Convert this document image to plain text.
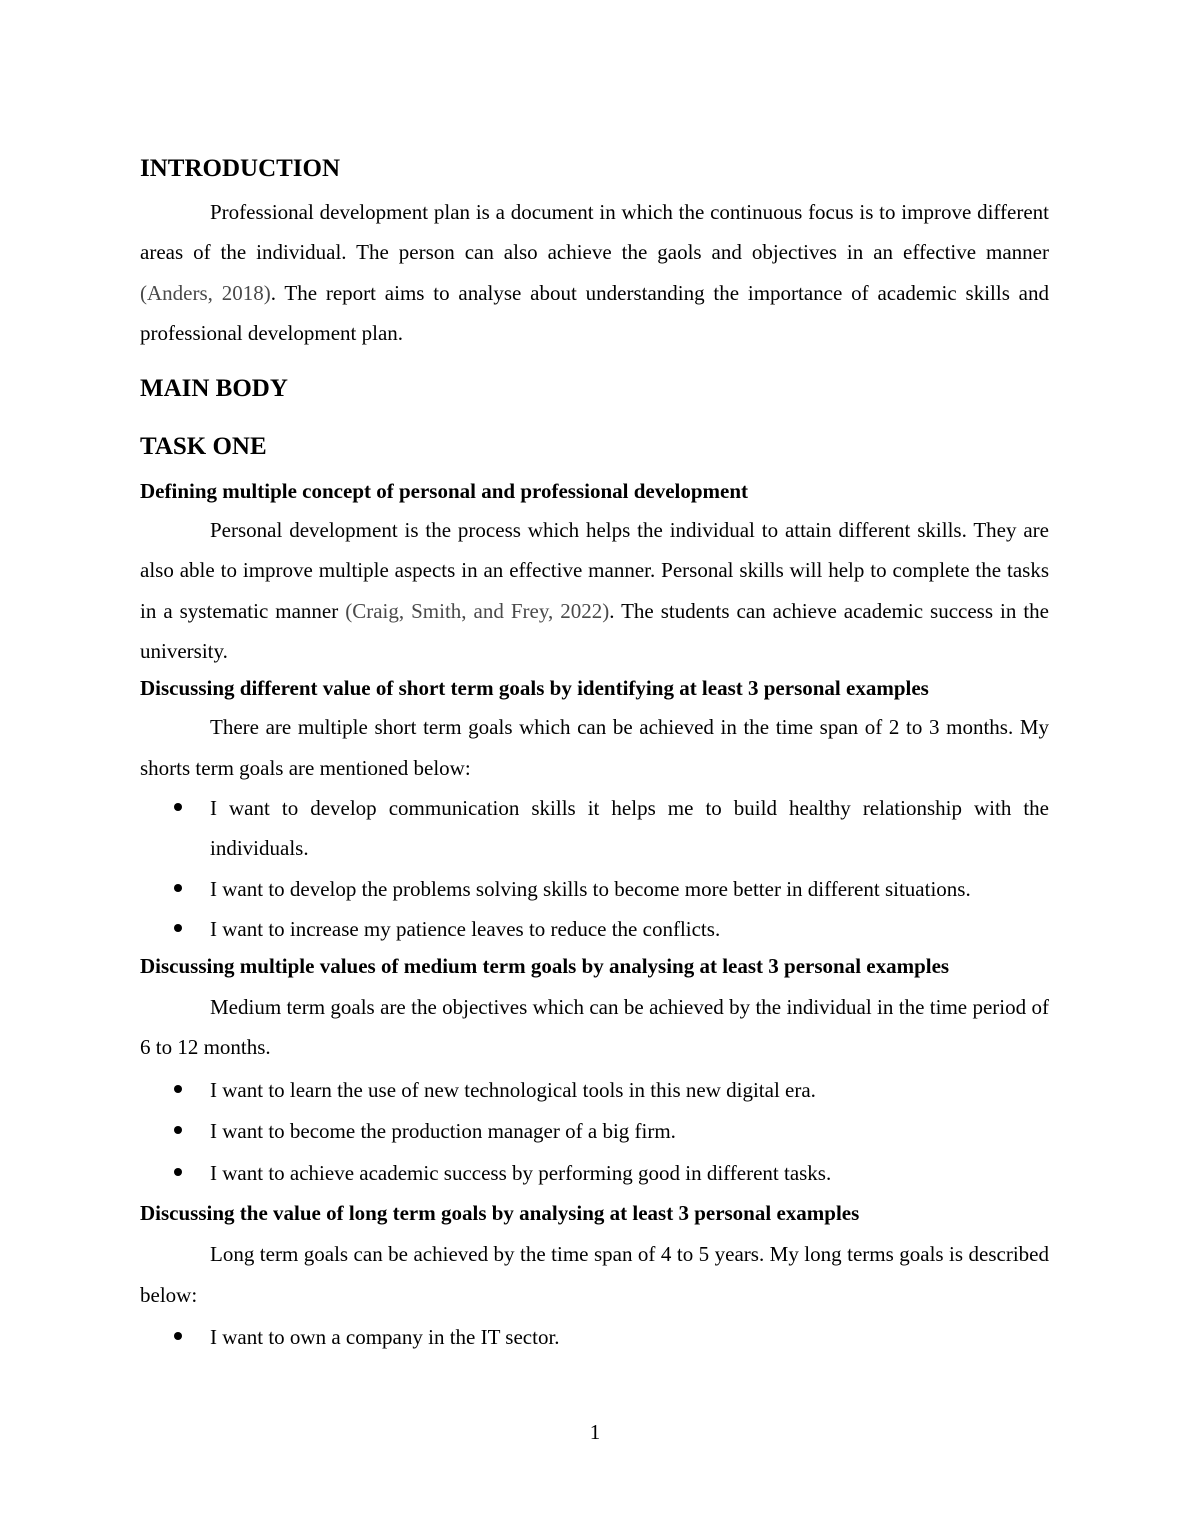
INTRODUCTION

Professional development plan is a document in which the continuous focus is to improve different areas of the individual. The person can also achieve the gaols and objectives in an effective manner (Anders, 2018). The report aims to analyse about understanding the importance of academic skills and professional development plan.

MAIN BODY
TASK ONE
Defining multiple concept of personal and professional development

Personal development is the process which helps the individual to attain different skills. They are also able to improve multiple aspects in an effective manner. Personal skills will help to complete the tasks in a systematic manner (Craig, Smith, and Frey, 2022). The students can achieve academic success in the university.

Discussing different value of short term goals by identifying at least 3 personal examples

There are multiple short term goals which can be achieved in the time span of 2 to 3 months. My shorts term goals are mentioned below:

I want to develop communication skills it helps me to build healthy relationship with the individuals.
I want to develop the problems solving skills to become more better in different situations.
I want to increase my patience leaves to reduce the conflicts.
Discussing multiple values of medium term goals by analysing at least 3 personal examples

Medium term goals are the objectives which can be achieved by the individual in the time period of 6 to 12 months.

I want to learn the use of new technological tools in this new digital era.
I want to become the production manager of a big firm.
I want to achieve academic success by performing good in different tasks.
Discussing the value of long term goals by analysing at least 3 personal examples

Long term goals can be achieved by the time span of 4 to 5 years. My long terms goals is described below:

I want to own a company in the IT sector.
1
